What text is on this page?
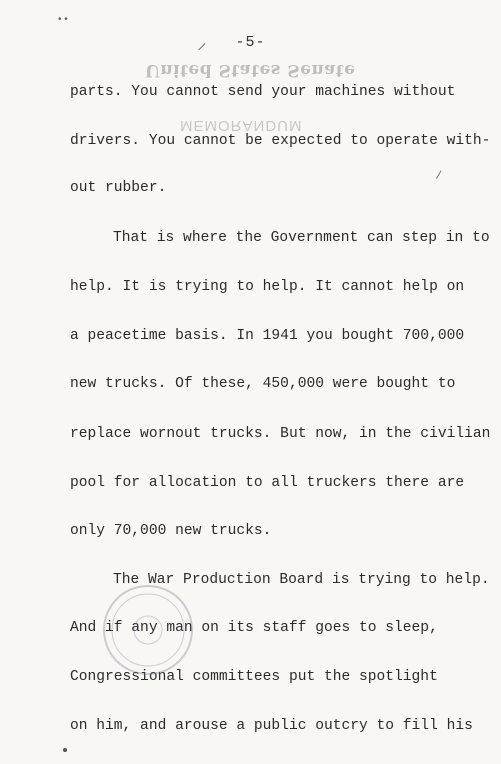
-5-
United States Senate
MEMORANDUM
parts. You cannot send your machines without
drivers. You cannot be expected to operate with-
out rubber.
That is where the Government can step in to
help. It is trying to help. It cannot help on
a peacetime basis. In 1941 you bought 700,000
new trucks. Of these, 450,000 were bought to
replace wornout trucks. But now, in the civilian
pool for allocation to all truckers there are
only 70,000 new trucks.
The War Production Board is trying to help.
And if any man on its staff goes to sleep,
Congressional committees put the spotlight
on him, and arouse a public outcry to fill his
• •
/
/
